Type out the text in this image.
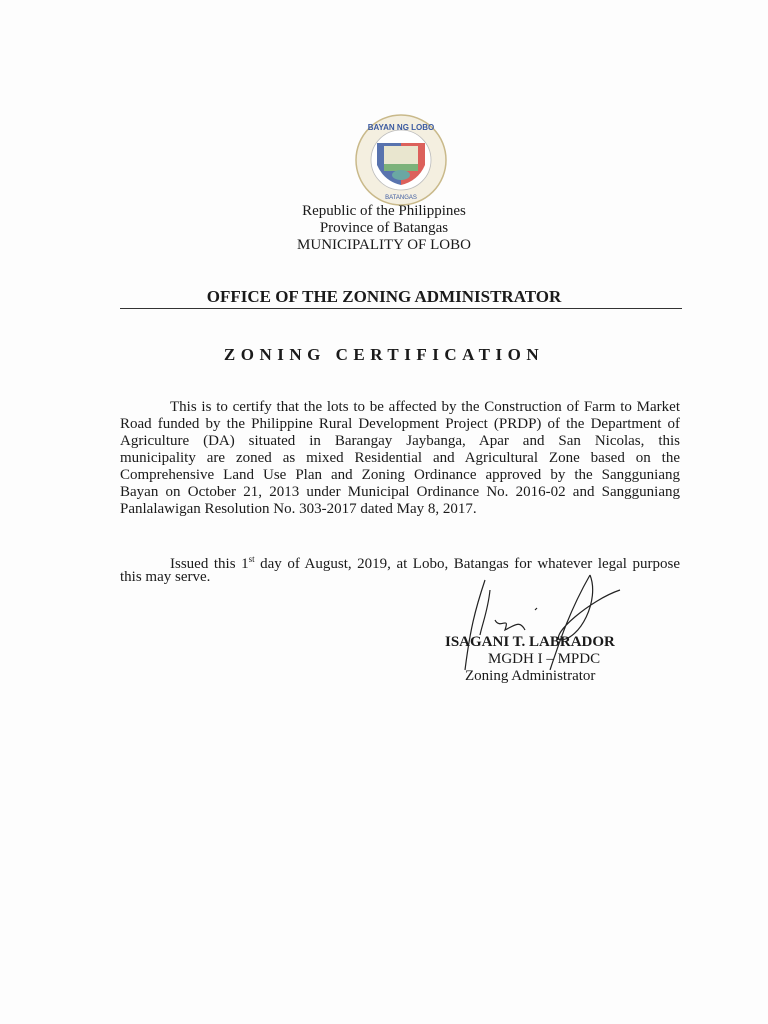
BAYAN NG LOBO
BATANGAS
Republic of the Philippines
Province of Batangas
MUNICIPALITY OF LOBO
OFFICE OF THE ZONING ADMINISTRATOR
ZONING CERTIFICATION
This is to certify that the lots to be affected by the Construction of Farm to Market
Road funded by the Philippine Rural Development Project (PRDP) of the Department of
Agriculture (DA) situated in Barangay Jaybanga, Apar and San Nicolas, this
municipality are zoned as mixed Residential and Agricultural Zone based on the
Comprehensive Land Use Plan and Zoning Ordinance approved by the Sangguniang
Bayan on October 21, 2013 under Municipal Ordinance No. 2016-02 and Sangguniang
Panlalawigan Resolution No. 303-2017 dated May 8, 2017.
Issued this 1st day of August, 2019, at Lobo, Batangas for whatever legal purpose
this may serve.
ISAGANI T. LABRADOR
MGDH I – MPDC
Zoning Administrator
